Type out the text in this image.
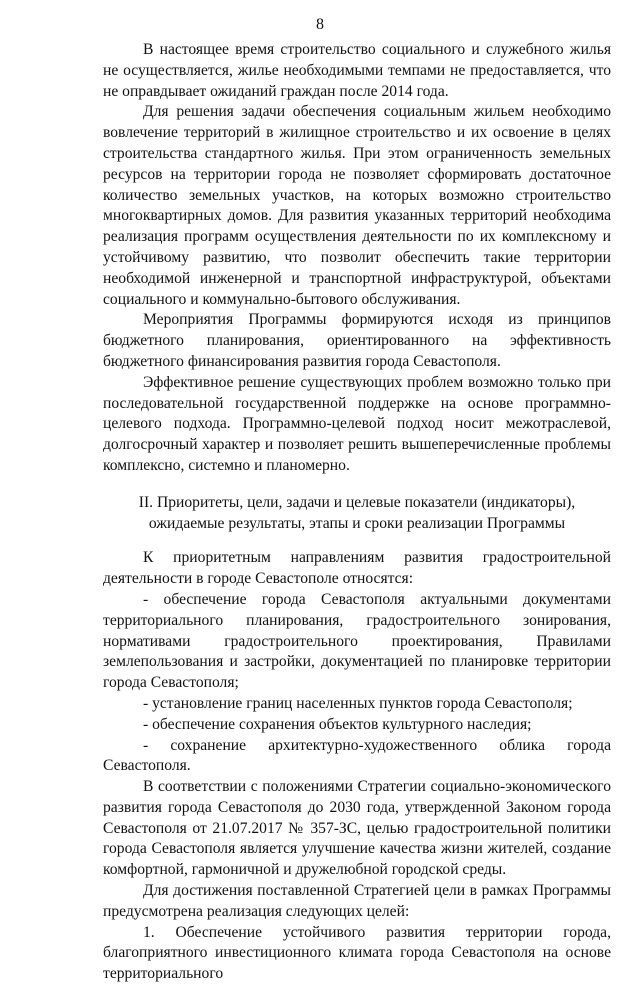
8

В настоящее время строительство социального и служебного жилья не осуществляется, жилье необходимыми темпами не предоставляется, что не оправдывает ожиданий граждан после 2014 года.

Для решения задачи обеспечения социальным жильем необходимо вовлечение территорий в жилищное строительство и их освоение в целях строительства стандартного жилья. При этом ограниченность земельных ресурсов на территории города не позволяет сформировать достаточное количество земельных участков, на которых возможно строительство многоквартирных домов. Для развития указанных территорий необходима реализация программ осуществления деятельности по их комплексному и устойчивому развитию, что позволит обеспечить такие территории необходимой инженерной и транспортной инфраструктурой, объектами социального и коммунально-бытового обслуживания.

Мероприятия Программы формируются исходя из принципов бюджетного планирования, ориентированного на эффективность бюджетного финансирования развития города Севастополя.

Эффективное решение существующих проблем возможно только при последовательной государственной поддержке на основе программно-целевого подхода. Программно-целевой подход носит межотраслевой, долгосрочный характер и позволяет решить вышеперечисленные проблемы комплексно, системно и планомерно.

II. Приоритеты, цели, задачи и целевые показатели (индикаторы),
ожидаемые результаты, этапы и сроки реализации Программы

К приоритетным направлениям развития градостроительной деятельности в городе Севастополе относятся:

- обеспечение города Севастополя актуальными документами территориального планирования, градостроительного зонирования, нормативами градостроительного проектирования, Правилами землепользования и застройки, документацией по планировке территории города Севастополя;

- установление границ населенных пунктов города Севастополя;

- обеспечение сохранения объектов культурного наследия;

- сохранение архитектурно-художественного облика города Севастополя.

В соответствии с положениями Стратегии социально-экономического развития города Севастополя до 2030 года, утвержденной Законом города Севастополя от 21.07.2017 № 357-ЗС, целью градостроительной политики города Севастополя является улучшение качества жизни жителей, создание комфортной, гармоничной и дружелюбной городской среды.

Для достижения поставленной Стратегией цели в рамках Программы предусмотрена реализация следующих целей:

1. Обеспечение устойчивого развития территории города, благоприятного инвестиционного климата города Севастополя на основе территориального
